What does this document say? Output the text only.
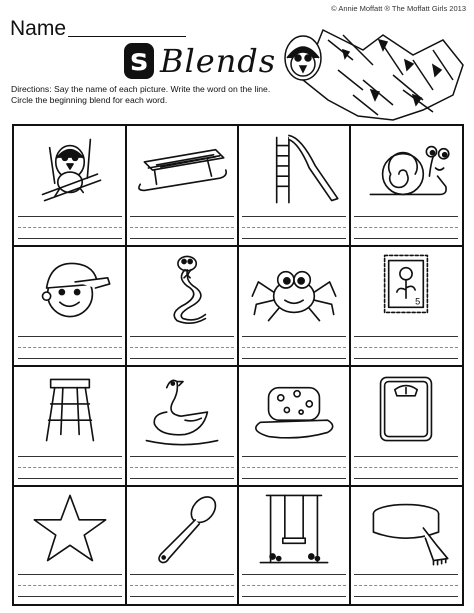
© Annie Moffatt ® The Moffatt Girls 2013
Name
s Blends
Directions: Say the name of each picture. Write the word on the line. Circle the beginning blend for each word.
5
